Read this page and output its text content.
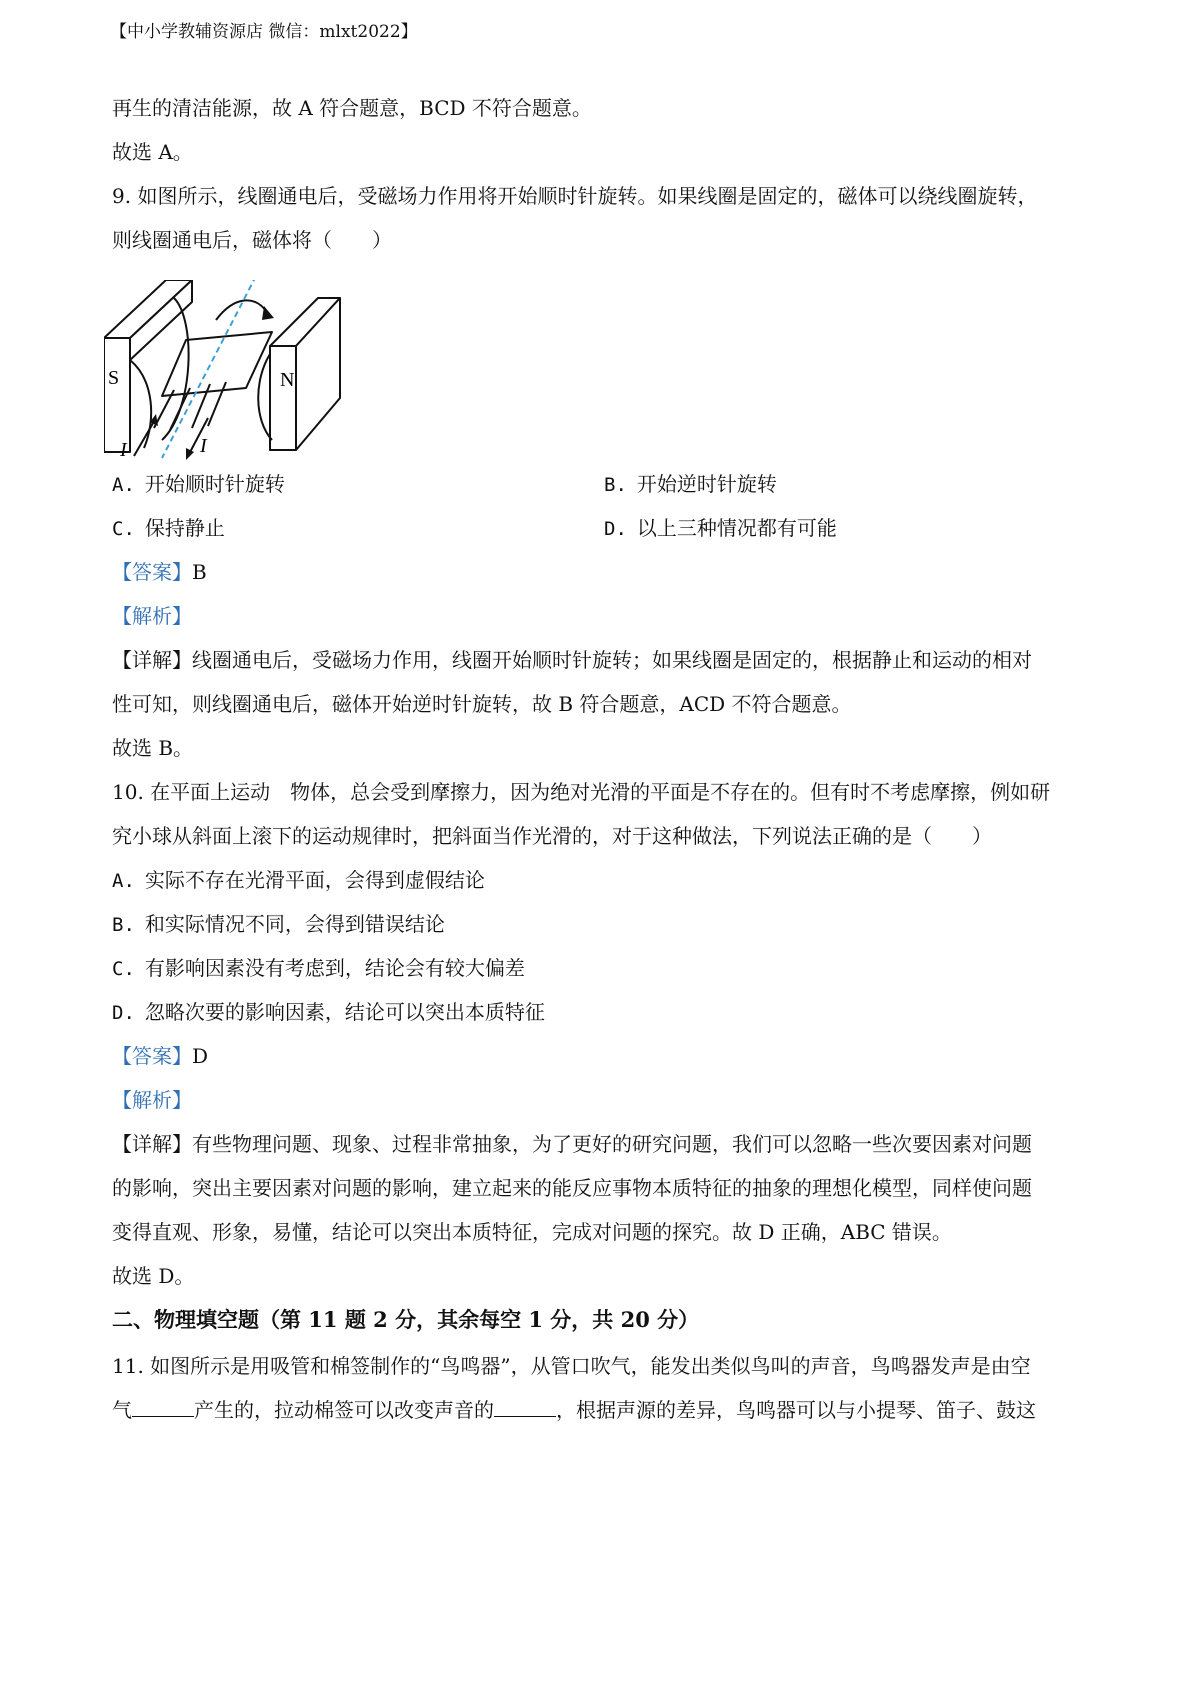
【中小学教辅资源店 微信：mlxt2022】
再生的清洁能源，故 A 符合题意，BCD 不符合题意。
故选 A。
9. 如图所示，线圈通电后，受磁场力作用将开始顺时针旋转。如果线圈是固定的，磁体可以绕线圈旋转，
则线圈通电后，磁体将（　　）
S	N
I	I
A. 开始顺时针旋转	B. 开始逆时针旋转
C. 保持静止	D. 以上三种情况都有可能
【答案】B
【解析】
【详解】线圈通电后，受磁场力作用，线圈开始顺时针旋转；如果线圈是固定的，根据静止和运动的相对
性可知，则线圈通电后，磁体开始逆时针旋转，故 B 符合题意，ACD 不符合题意。
故选 B。
10. 在平面上运动　物体，总会受到摩擦力，因为绝对光滑的平面是不存在的。但有时不考虑摩擦，例如研
究小球从斜面上滚下的运动规律时，把斜面当作光滑的，对于这种做法，下列说法正确的是（　　）
A. 实际不存在光滑平面，会得到虚假结论
B. 和实际情况不同，会得到错误结论
C. 有影响因素没有考虑到，结论会有较大偏差
D. 忽略次要的影响因素，结论可以突出本质特征
【答案】D
【解析】
【详解】有些物理问题、现象、过程非常抽象，为了更好的研究问题，我们可以忽略一些次要因素对问题
的影响，突出主要因素对问题的影响，建立起来的能反应事物本质特征的抽象的理想化模型，同样使问题
变得直观、形象，易懂，结论可以突出本质特征，完成对问题的探究。故 D 正确，ABC 错误。
故选 D。
二、物理填空题（第 11 题 2 分，其余每空 1 分，共 20 分）
11. 如图所示是用吸管和棉签制作的“鸟鸣器”，从管口吹气，能发出类似鸟叫的声音，鸟鸣器发声是由空
气	产生的，拉动棉签可以改变声音的	，根据声源的差异，鸟鸣器可以与小提琴、笛子、鼓这
